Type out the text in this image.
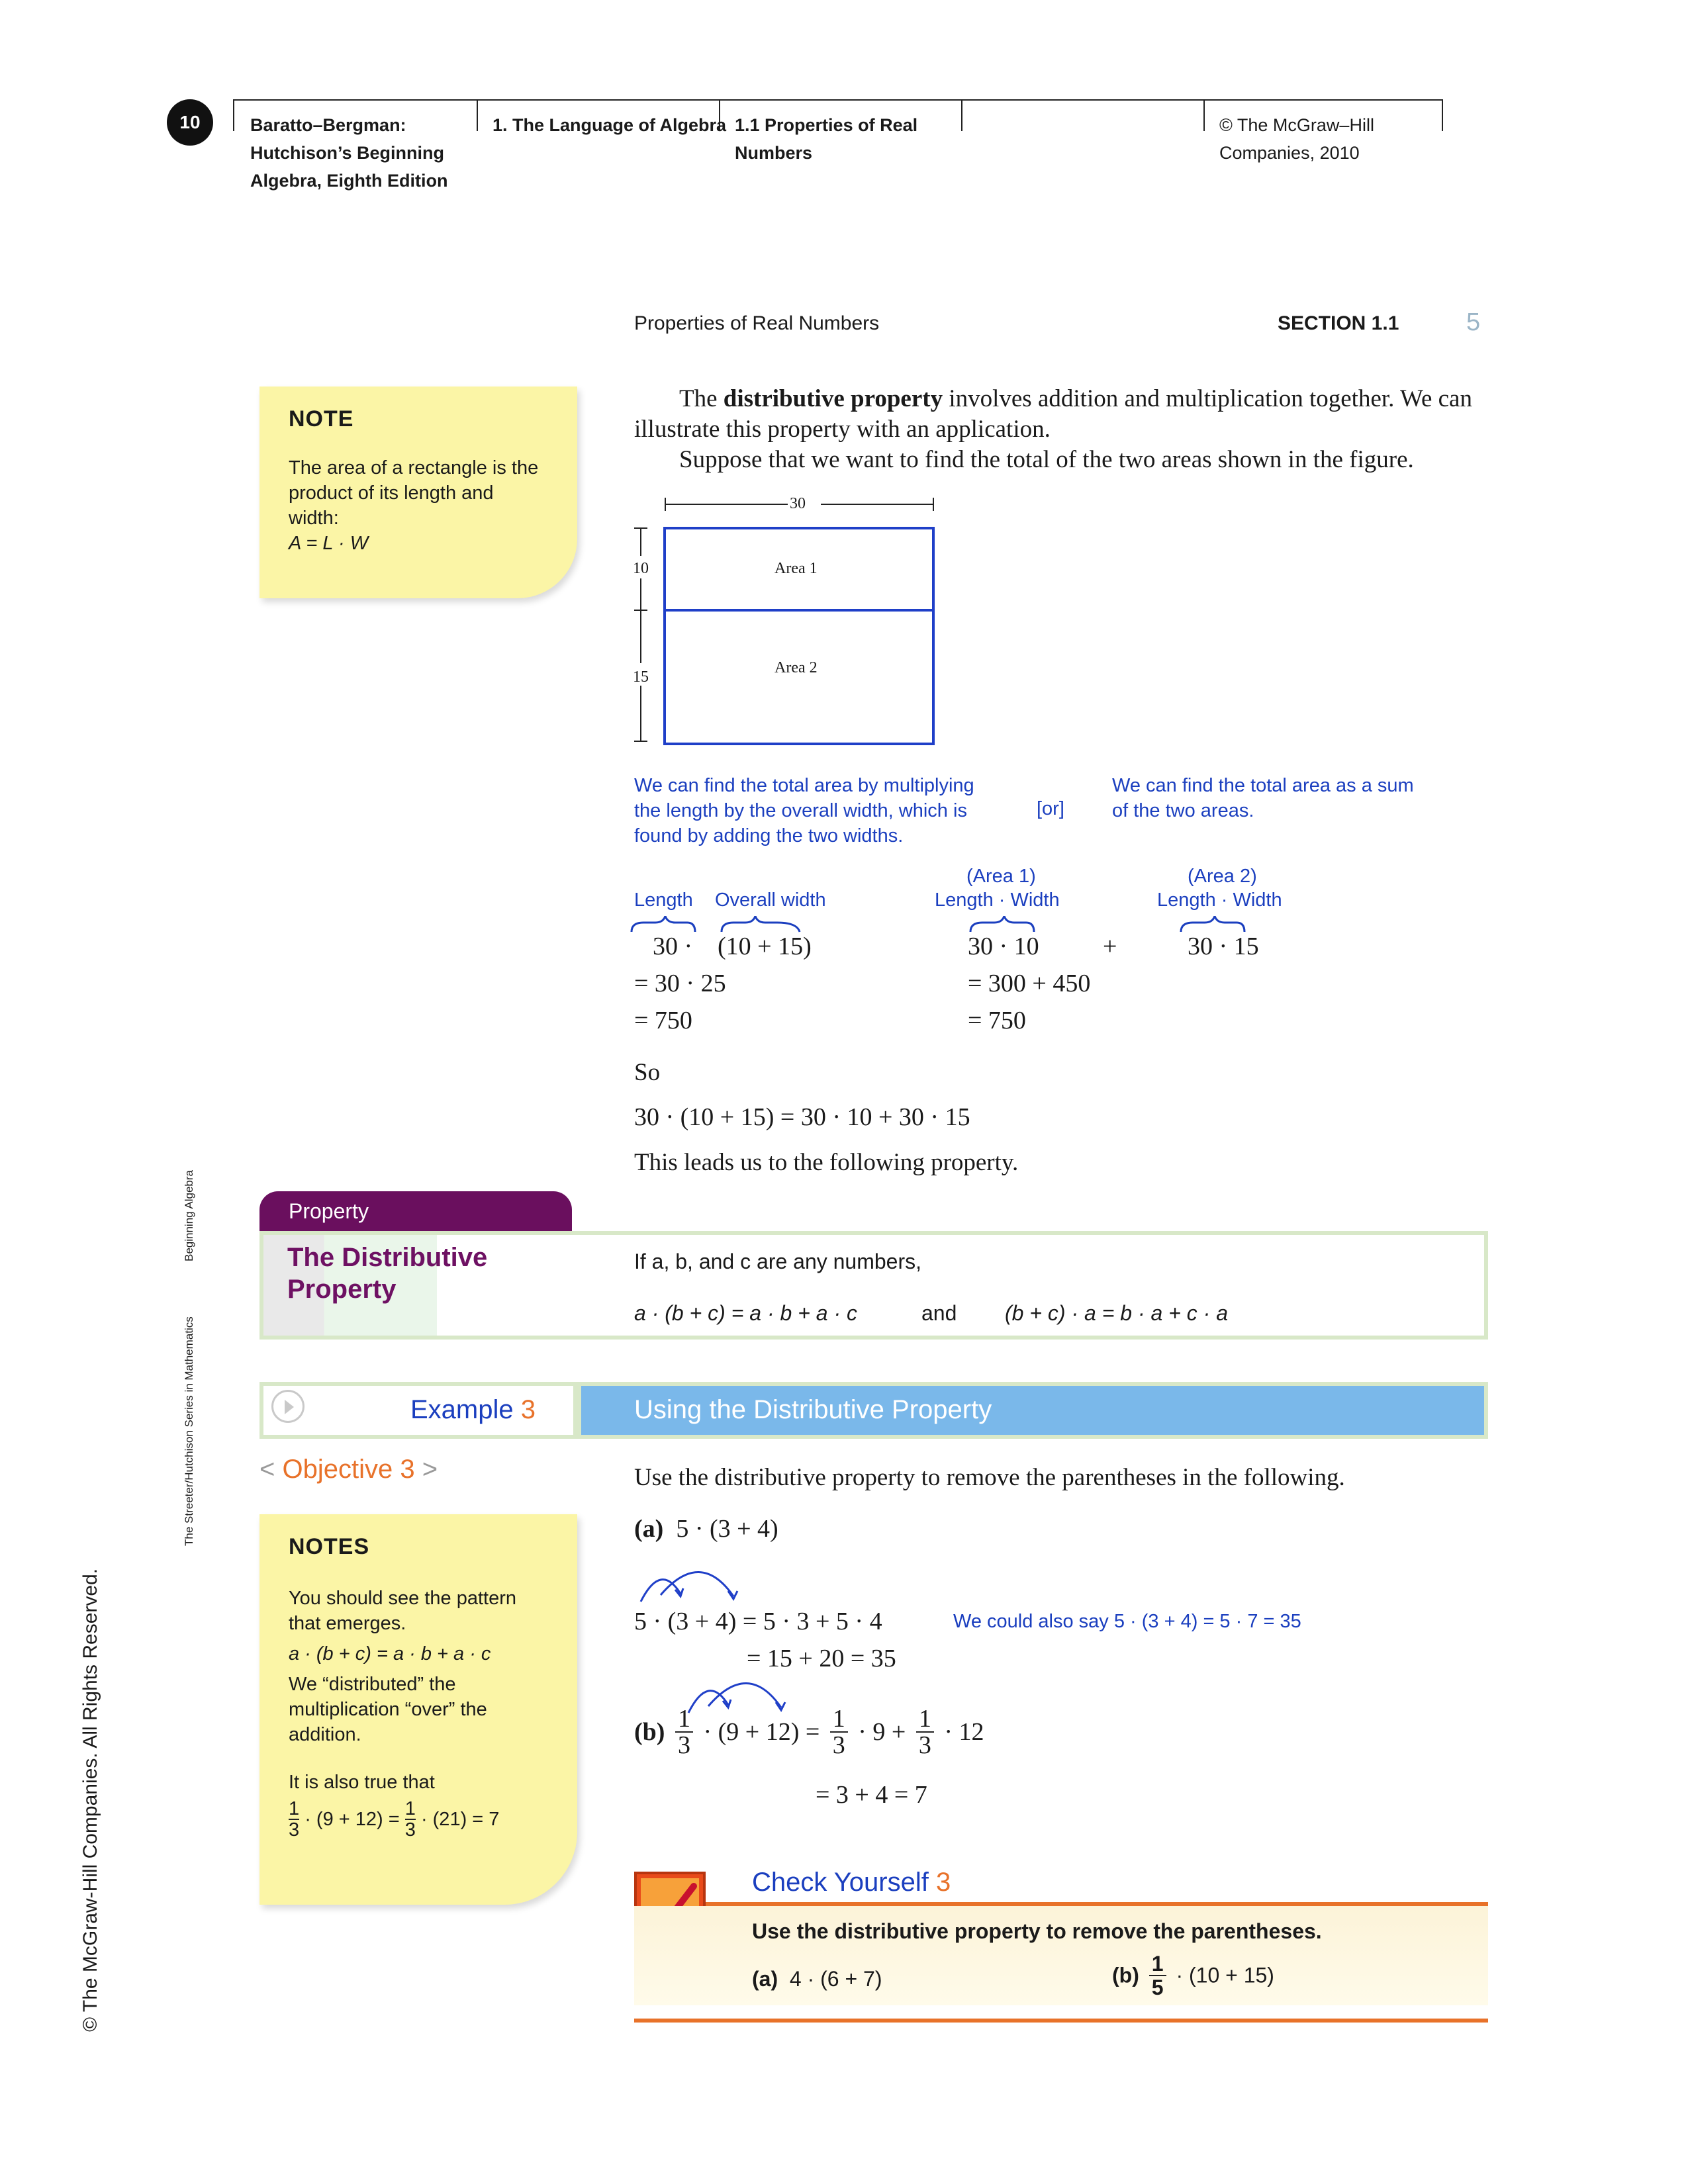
10	Baratto–Bergman:
Hutchison’s Beginning
Algebra, Eighth Edition
1. The Language of Algebra 1.1 Properties of Real
Numbers
© The McGraw–Hill
Companies, 2010
Properties of Real Numbers	SECTION 1.1	5
NOTE
The area of a rectangle is the
product of its length and
width:
A = L · W
The distributive property involves addition and multiplication together. We can
illustrate this property with an application.
Suppose that we want to find the total of the two areas shown in the figure.
30
10
15
Area 1
Area 2
We can find the total area by multiplying
the length by the overall width, which is
found by adding the two widths.
[or]
We can find the total area as a sum
of the two areas.
Length Overall width
30 · (10 + 15)
= 30 · 25
= 750
(Area 1)
Length · Width
(Area 2)
Length · Width
30 · 10	+	30 · 15
= 300 + 450
= 750
So
30 · (10 + 15) = 30 · 10 + 30 · 15
This leads us to the following property.
Property
The Distributive
Property
If a, b, and c are any numbers,
a · (b + c) = a · b + a · c	and (b + c) · a = b · a + c · a
Example 3	Using the Distributive Property
< Objective 3 >
NOTES
You should see the pattern
that emerges.
a · (b + c) = a · b + a · c
We “distributed” the
multiplication “over” the
addition.
It is also true that
$\frac{1}{3} \cdot (9 + 12) = \frac{1}{3} \cdot (21) = 7$
Use the distributive property to remove the parentheses in the following.
(a) 5 · (3 + 4)
5 · (3 + 4) = 5 · 3 + 5 · 4
= 15 + 20 = 35
We could also say 5 · (3 + 4) = 5 · 7 = 35
$(b) \frac{1}{3} \cdot (9 + 12) = \frac{1}{3} \cdot 9 + \frac{1}{3} \cdot 12$
= 3 + 4 = 7
Check Yourself 3
Use the distributive property to remove the parentheses.
(a) 4 · (6 + 7)	$(b) \frac{1}{5} \cdot (10 + 15)$
© The McGraw-Hill Companies. All Rights Reserved.
The Streeter/Hutchison Series in Mathematics
Beginning Algebra
